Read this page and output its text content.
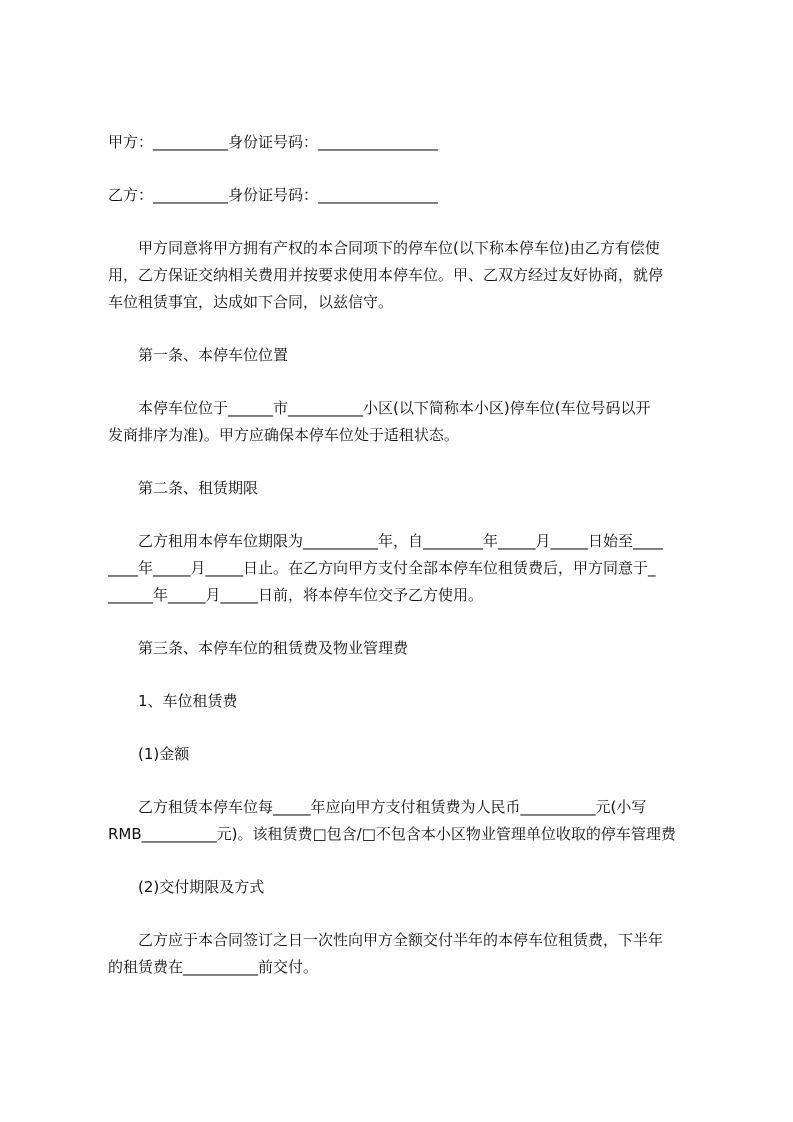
甲方：__________身份证号码：________________
乙方：__________身份证号码：________________
　　甲方同意将甲方拥有产权的本合同项下的停车位(以下称本停车位)由乙方有偿使
用，乙方保证交纳相关费用并按要求使用本停车位。甲、乙双方经过友好协商，就停
车位租赁事宜，达成如下合同，以兹信守。
　　第一条、本停车位位置
　　本停车位位于______市__________小区(以下简称本小区)停车位(车位号码以开
发商排序为准)。甲方应确保本停车位处于适租状态。
　　第二条、租赁期限
　　乙方租用本停车位期限为__________年，自________年_____月_____日始至____
____年_____月_____日止。在乙方向甲方支付全部本停车位租赁费后，甲方同意于_
______年_____月_____日前，将本停车位交予乙方使用。
　　第三条、本停车位的租赁费及物业管理费
　　1、车位租赁费
　　(1)金额
　　乙方租赁本停车位每_____年应向甲方支付租赁费为人民币__________元(小写
RMB__________元)。该租赁费□包含/□不包含本小区物业管理单位收取的停车管理费
　　(2)交付期限及方式
　　乙方应于本合同签订之日一次性向甲方全额交付半年的本停车位租赁费，下半年
的租赁费在__________前交付。
